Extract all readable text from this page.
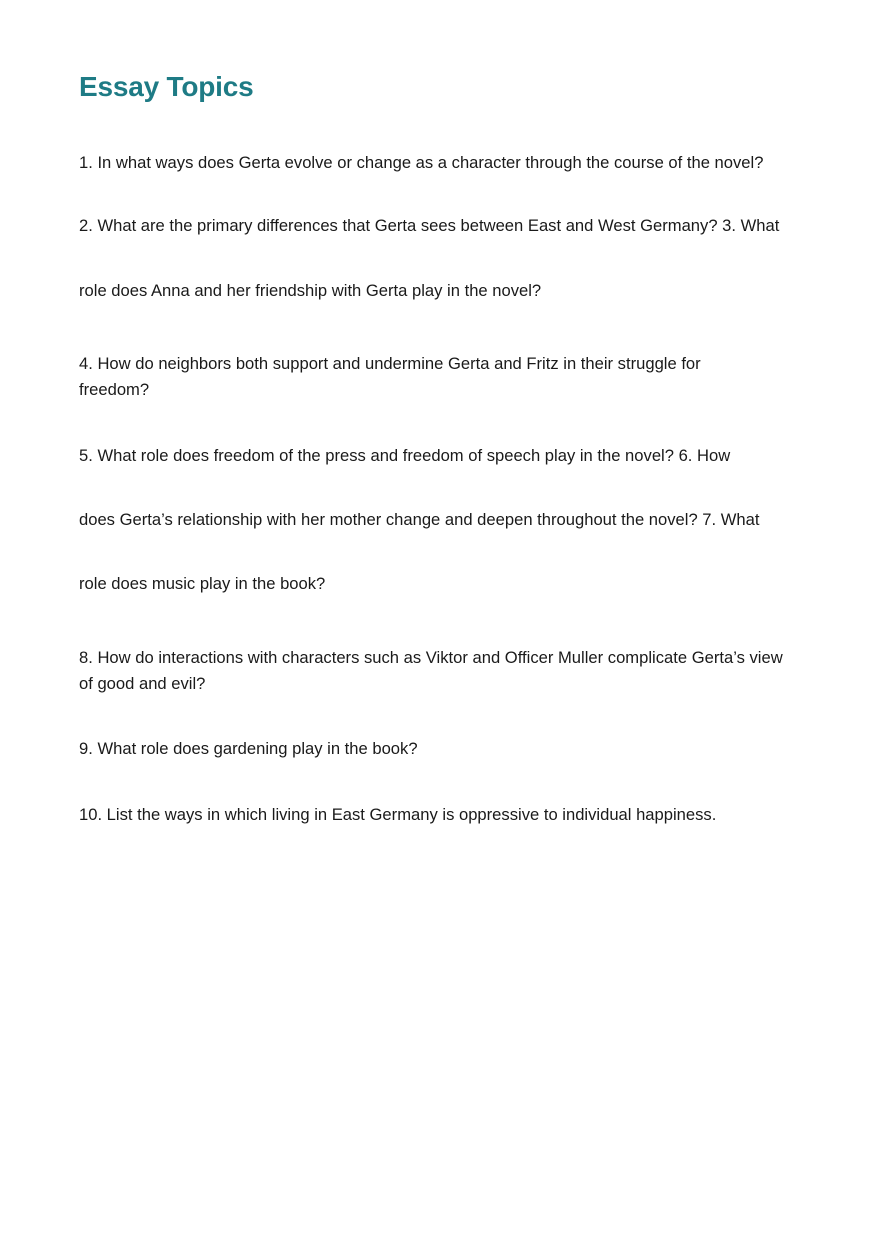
Essay Topics

1. In what ways does Gerta evolve or change as a character through the course of the novel?

2. What are the primary differences that Gerta sees between East and West Germany? 3. What

role does Anna and her friendship with Gerta play in the novel?

4. How do neighbors both support and undermine Gerta and Fritz in their struggle for freedom?

5. What role does freedom of the press and freedom of speech play in the novel? 6. How

does Gerta’s relationship with her mother change and deepen throughout the novel? 7. What

role does music play in the book?

8. How do interactions with characters such as Viktor and Officer Muller complicate Gerta’s view of good and evil?

9. What role does gardening play in the book?

10. List the ways in which living in East Germany is oppressive to individual happiness.
